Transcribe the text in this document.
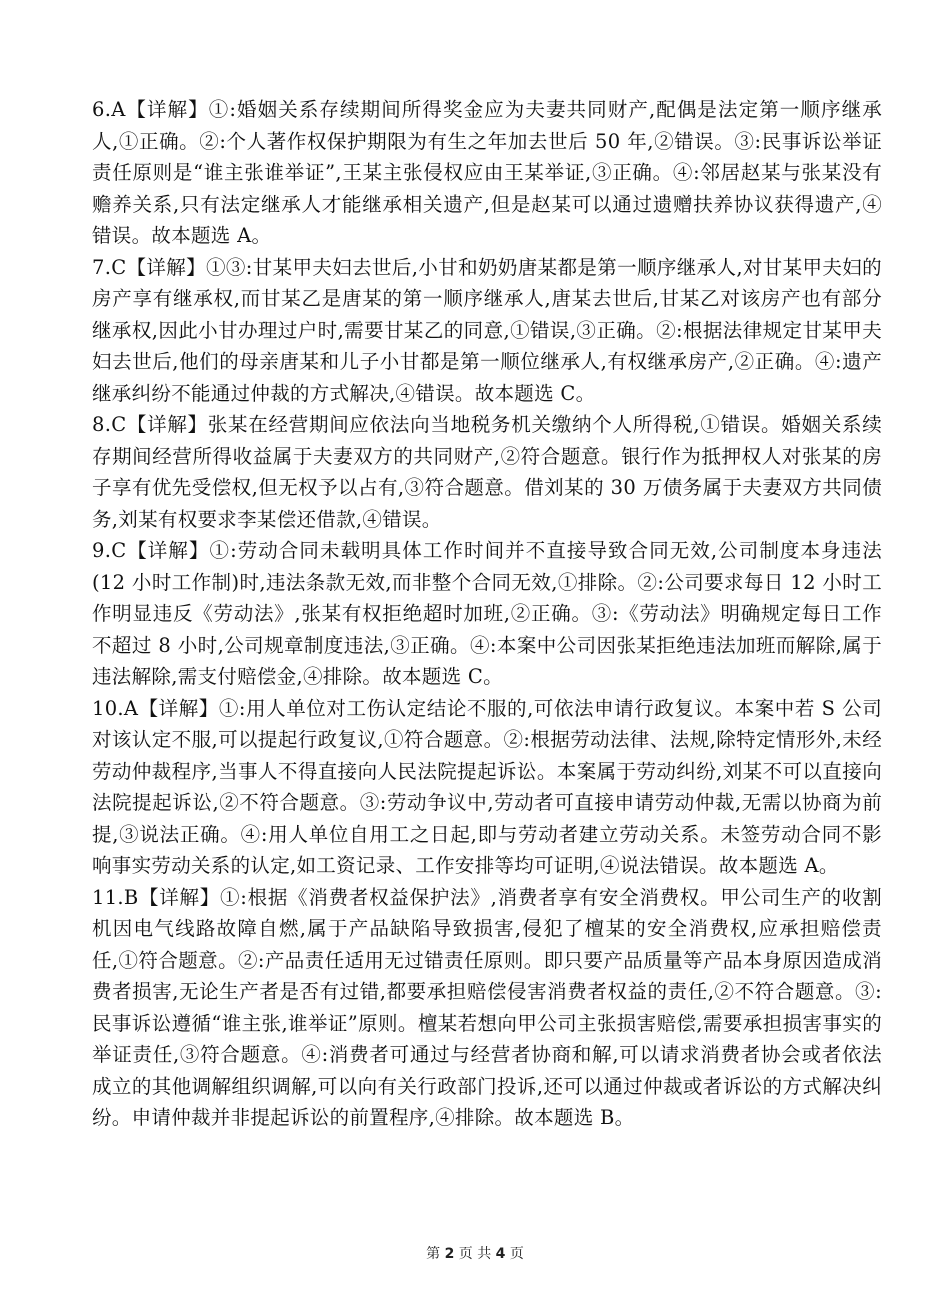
6.A【详解】①:婚姻关系存续期间所得奖金应为夫妻共同财产,配偶是法定第一顺序继承人,①正确。②:个人著作权保护期限为有生之年加去世后 50 年,②错误。③:民事诉讼举证责任原则是“谁主张谁举证”,王某主张侵权应由王某举证,③正确。④:邻居赵某与张某没有赡养关系,只有法定继承人才能继承相关遗产,但是赵某可以通过遗赠扶养协议获得遗产,④错误。故本题选 A。

7.C【详解】①③:甘某甲夫妇去世后,小甘和奶奶唐某都是第一顺序继承人,对甘某甲夫妇的房产享有继承权,而甘某乙是唐某的第一顺序继承人,唐某去世后,甘某乙对该房产也有部分继承权,因此小甘办理过户时,需要甘某乙的同意,①错误,③正确。②:根据法律规定甘某甲夫妇去世后,他们的母亲唐某和儿子小甘都是第一顺位继承人,有权继承房产,②正确。④:遗产继承纠纷不能通过仲裁的方式解决,④错误。故本题选 C。

8.C【详解】张某在经营期间应依法向当地税务机关缴纳个人所得税,①错误。婚姻关系续存期间经营所得收益属于夫妻双方的共同财产,②符合题意。银行作为抵押权人对张某的房子享有优先受偿权,但无权予以占有,③符合题意。借刘某的 30 万债务属于夫妻双方共同债务,刘某有权要求李某偿还借款,④错误。

9.C【详解】①:劳动合同未载明具体工作时间并不直接导致合同无效,公司制度本身违法(12 小时工作制)时,违法条款无效,而非整个合同无效,①排除。②:公司要求每日 12 小时工作明显违反《劳动法》,张某有权拒绝超时加班,②正确。③:《劳动法》明确规定每日工作不超过 8 小时,公司规章制度违法,③正确。④:本案中公司因张某拒绝违法加班而解除,属于违法解除,需支付赔偿金,④排除。故本题选 C。

10.A【详解】①:用人单位对工伤认定结论不服的,可依法申请行政复议。本案中若 S 公司对该认定不服,可以提起行政复议,①符合题意。②:根据劳动法律、法规,除特定情形外,未经劳动仲裁程序,当事人不得直接向人民法院提起诉讼。本案属于劳动纠纷,刘某不可以直接向法院提起诉讼,②不符合题意。③:劳动争议中,劳动者可直接申请劳动仲裁,无需以协商为前提,③说法正确。④:用人单位自用工之日起,即与劳动者建立劳动关系。未签劳动合同不影响事实劳动关系的认定,如工资记录、工作安排等均可证明,④说法错误。故本题选 A。

11.B【详解】①:根据《消费者权益保护法》,消费者享有安全消费权。甲公司生产的收割机因电气线路故障自燃,属于产品缺陷导致损害,侵犯了檀某的安全消费权,应承担赔偿责任,①符合题意。②:产品责任适用无过错责任原则。即只要产品质量等产品本身原因造成消费者损害,无论生产者是否有过错,都要承担赔偿侵害消费者权益的责任,②不符合题意。③:民事诉讼遵循“谁主张,谁举证”原则。檀某若想向甲公司主张损害赔偿,需要承担损害事实的举证责任,③符合题意。④:消费者可通过与经营者协商和解,可以请求消费者协会或者依法成立的其他调解组织调解,可以向有关行政部门投诉,还可以通过仲裁或者诉讼的方式解决纠纷。申请仲裁并非提起诉讼的前置程序,④排除。故本题选 B。

第 2 页 共 4 页
